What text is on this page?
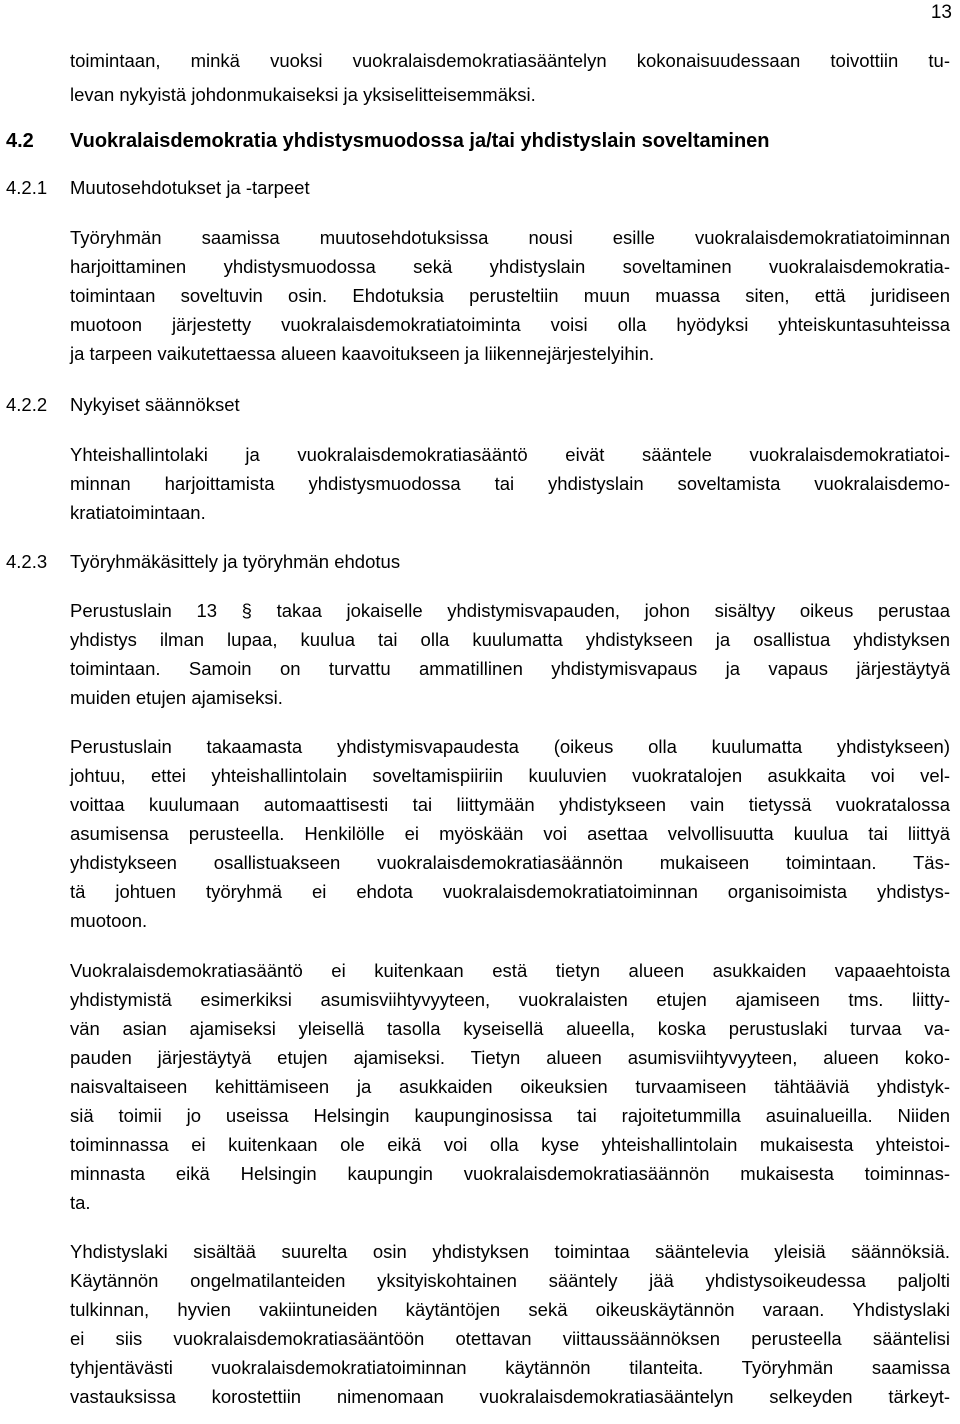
13
toimintaan, minkä vuoksi vuokralaisdemokratiasääntelyn kokonaisuudessaan toivottiin tu-
levan nykyistä johdonmukaiseksi ja yksiselitteisemmäksi.
4.2 Vuokralaisdemokratia yhdistysmuodossa ja/tai yhdistyslain soveltaminen
4.2.1 Muutosehdotukset ja -tarpeet
Työryhmän saamissa muutosehdotuksissa nousi esille vuokralaisdemokratiatoiminnan
harjoittaminen yhdistysmuodossa sekä yhdistyslain soveltaminen vuokralaisdemokratia-
toimintaan soveltuvin osin. Ehdotuksia perusteltiin muun muassa siten, että juridiseen
muotoon järjestetty vuokralaisdemokratiatoiminta voisi olla hyödyksi yhteiskuntasuhteissa
ja tarpeen vaikutettaessa alueen kaavoitukseen ja liikennejärjestelyihin.
4.2.2 Nykyiset säännökset
Yhteishallintolaki ja vuokralaisdemokratiasääntö eivät sääntele vuokralaisdemokratiatoi-
minnan harjoittamista yhdistysmuodossa tai yhdistyslain soveltamista vuokralaisdemo-
kratiatoimintaan.
4.2.3 Työryhmäkäsittely ja työryhmän ehdotus
Perustuslain 13 § takaa jokaiselle yhdistymisvapauden, johon sisältyy oikeus perustaa
yhdistys ilman lupaa, kuulua tai olla kuulumatta yhdistykseen ja osallistua yhdistyksen
toimintaan. Samoin on turvattu ammatillinen yhdistymisvapaus ja vapaus järjestäytyä
muiden etujen ajamiseksi.
Perustuslain takaamasta yhdistymisvapaudesta (oikeus olla kuulumatta yhdistykseen)
johtuu, ettei yhteishallintolain soveltamispiiriin kuuluvien vuokratalojen asukkaita voi vel-
voittaa kuulumaan automaattisesti tai liittymään yhdistykseen vain tietyssä vuokratalossa
asumisensa perusteella. Henkilölle ei myöskään voi asettaa velvollisuutta kuulua tai liittyä
yhdistykseen osallistuakseen vuokralaisdemokratiasäännön mukaiseen toimintaan. Täs-
tä johtuen työryhmä ei ehdota vuokralaisdemokratiatoiminnan organisoimista yhdistys-
muotoon.
Vuokralaisdemokratiasääntö ei kuitenkaan estä tietyn alueen asukkaiden vapaaehtoista
yhdistymistä esimerkiksi asumisviihtyvyyteen, vuokralaisten etujen ajamiseen tms. liitty-
vän asian ajamiseksi yleisellä tasolla kyseisellä alueella, koska perustuslaki turvaa va-
pauden järjestäytyä etujen ajamiseksi. Tietyn alueen asumisviihtyvyyteen, alueen koko-
naisvaltaiseen kehittämiseen ja asukkaiden oikeuksien turvaamiseen tähtääviä yhdistyk-
siä toimii jo useissa Helsingin kaupunginosissa tai rajoitetummilla asuinalueilla. Niiden
toiminnassa ei kuitenkaan ole eikä voi olla kyse yhteishallintolain mukaisesta yhteistoi-
minnasta eikä Helsingin kaupungin vuokralaisdemokratiasäännön mukaisesta toiminnas-
ta.
Yhdistyslaki sisältää suurelta osin yhdistyksen toimintaa sääntelevia yleisiä säännöksiä.
Käytännön ongelmatilanteiden yksityiskohtainen sääntely jää yhdistysoikeudessa paljolti
tulkinnan, hyvien vakiintuneiden käytäntöjen sekä oikeuskäytännön varaan. Yhdistyslaki
ei siis vuokralaisdemokratiasääntöön otettavan viittaussäännöksen perusteella sääntelisi
tyhjentävästi vuokralaisdemokratiatoiminnan käytännön tilanteita. Työryhmän saamissa
vastauksissa korostettiin nimenomaan vuokralaisdemokratiasääntelyn selkeyden tärkeyt-
